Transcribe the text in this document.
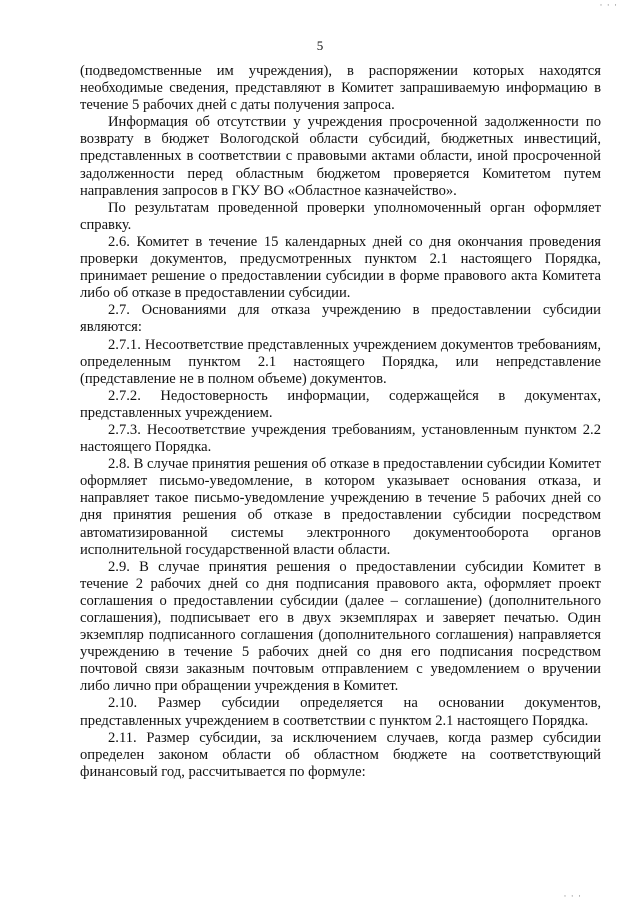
· · ·
5

(подведомственные им учреждения), в распоряжении которых находятся необходимые сведения, представляют в Комитет запрашиваемую информацию в течение 5 рабочих дней с даты получения запроса.

Информация об отсутствии у учреждения просроченной задолженности по возврату в бюджет Вологодской области субсидий, бюджетных инвестиций, представленных в соответствии с правовыми актами области, иной просроченной задолженности перед областным бюджетом проверяется Комитетом путем направления запросов в ГКУ ВО «Областное казначейство».

По результатам проведенной проверки уполномоченный орган оформляет справку.

2.6. Комитет в течение 15 календарных дней со дня окончания проведения проверки документов, предусмотренных пунктом 2.1 настоящего Порядка, принимает решение о предоставлении субсидии в форме правового акта Комитета либо об отказе в предоставлении субсидии.

2.7. Основаниями для отказа учреждению в предоставлении субсидии являются:

2.7.1. Несоответствие представленных учреждением документов требованиям, определенным пунктом 2.1 настоящего Порядка, или непредставление (представление не в полном объеме) документов.

2.7.2. Недостоверность информации, содержащейся в документах, представленных учреждением.

2.7.3. Несоответствие учреждения требованиям, установленным пунктом 2.2 настоящего Порядка.

2.8. В случае принятия решения об отказе в предоставлении субсидии Комитет оформляет письмо-уведомление, в котором указывает основания отказа, и направляет такое письмо-уведомление учреждению в течение 5 рабочих дней со дня принятия решения об отказе в предоставлении субсидии посредством автоматизированной системы электронного документооборота органов исполнительной государственной власти области.

2.9. В случае принятия решения о предоставлении субсидии Комитет в течение 2 рабочих дней со дня подписания правового акта, оформляет проект соглашения о предоставлении субсидии (далее – соглашение) (дополнительного соглашения), подписывает его в двух экземплярах и заверяет печатью. Один экземпляр подписанного соглашения (дополнительного соглашения) направляется учреждению в течение 5 рабочих дней со дня его подписания посредством почтовой связи заказным почтовым отправлением с уведомлением о вручении либо лично при обращении учреждения в Комитет.

2.10. Размер субсидии определяется на основании документов, представленных учреждением в соответствии с пунктом 2.1 настоящего Порядка.

2.11. Размер субсидии, за исключением случаев, когда размер субсидии определен законом области об областном бюджете на соответствующий финансовый год, рассчитывается по формуле:

· · ·
